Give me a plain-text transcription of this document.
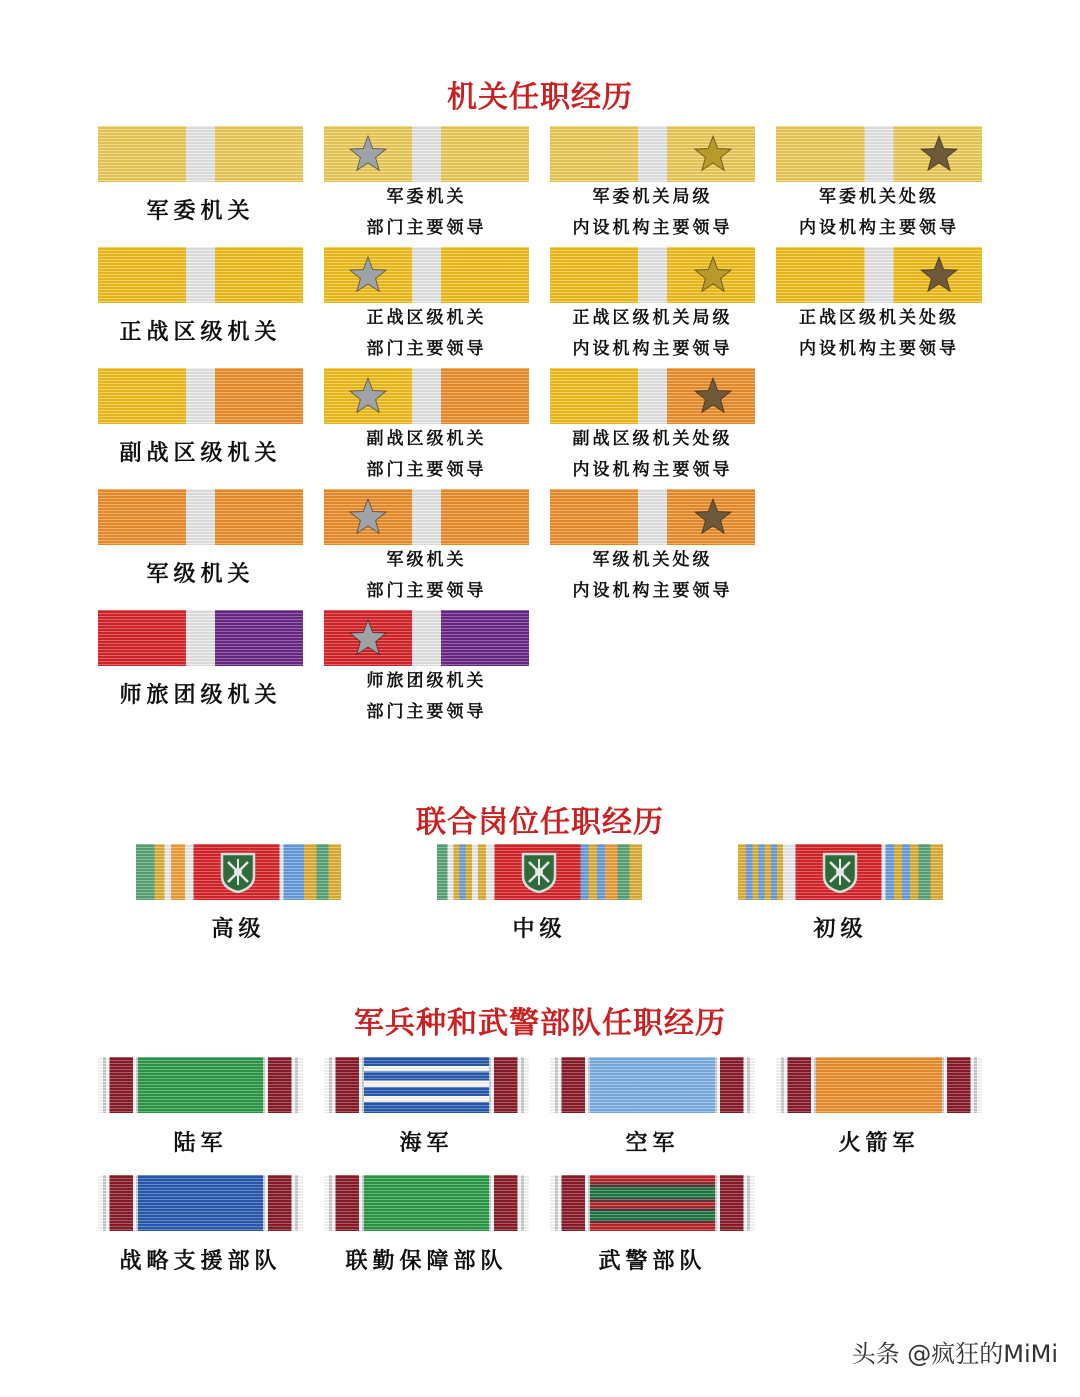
机关任职经历
联合岗位任职经历
军兵种和武警部队任职经历
军委机关
军委机关
部门主要领导
军委机关局级
内设机构主要领导
军委机关处级
内设机构主要领导
正战区级机关
正战区级机关
部门主要领导
正战区级机关局级
内设机构主要领导
正战区级机关处级
内设机构主要领导
副战区级机关
副战区级机关
部门主要领导
副战区级机关处级
内设机构主要领导
军级机关
军级机关
部门主要领导
军级机关处级
内设机构主要领导
师旅团级机关
师旅团级机关
部门主要领导
高级	中级	初级
陆军	海军	空军	火箭军
战略支援部队	联勤保障部队	武警部队
头条 @疯狂的MiMi
